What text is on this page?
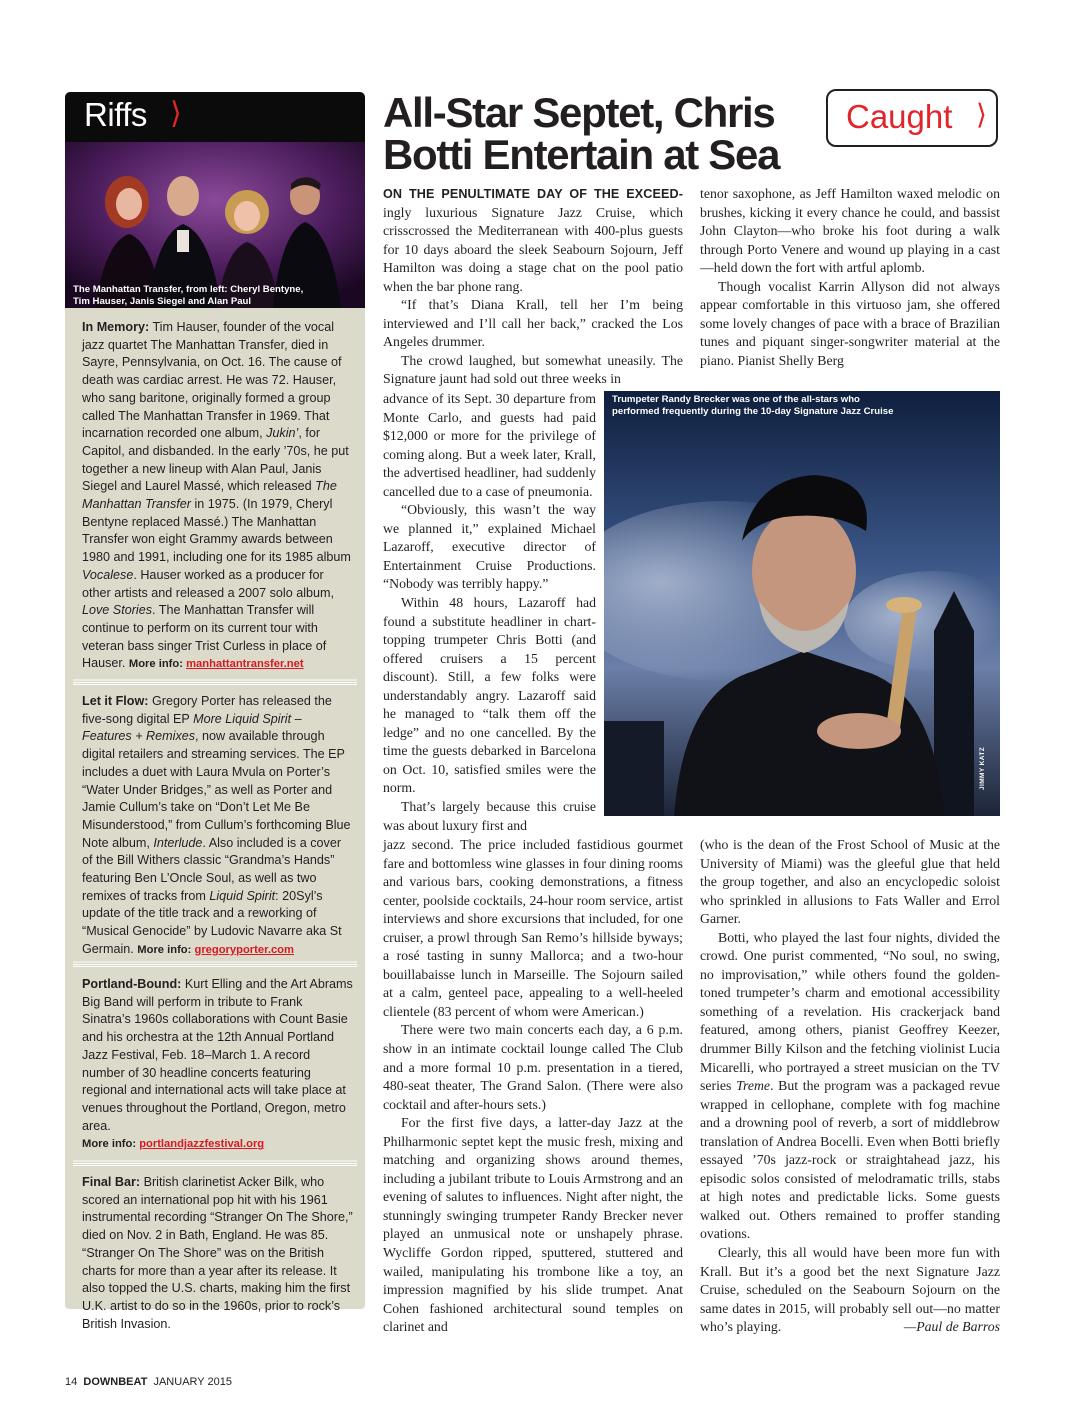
Riffs ⟩
The Manhattan Transfer, from left: Cheryl Bentyne,
Tim Hauser, Janis Siegel and Alan Paul
In Memory: Tim Hauser, founder of the vocal jazz quartet The Manhattan Transfer, died in Sayre, Pennsylvania, on Oct. 16. The cause of death was cardiac arrest. He was 72. Hauser, who sang baritone, originally formed a group called The Manhattan Transfer in 1969. That incarnation recorded one album, Jukin’, for Capitol, and disbanded. In the early ’70s, he put together a new lineup with Alan Paul, Janis Siegel and Laurel Massé, which released The Manhattan Transfer in 1975. (In 1979, Cheryl Bentyne replaced Massé.) The Manhattan Transfer won eight Grammy awards between 1980 and 1991, including one for its 1985 album Vocalese. Hauser worked as a producer for other artists and released a 2007 solo album, Love Stories. The Manhattan Transfer will continue to perform on its current tour with veteran bass singer Trist Curless in place of Hauser. More info: manhattantransfer.net
Let it Flow: Gregory Porter has released the five-song digital EP More Liquid Spirit – Features + Remixes, now available through digital retailers and streaming services. The EP includes a duet with Laura Mvula on Porter’s “Water Under Bridges,” as well as Porter and Jamie Cullum’s take on “Don’t Let Me Be Misunderstood,” from Cullum’s forthcoming Blue Note album, Interlude. Also included is a cover of the Bill Withers classic “Grandma’s Hands” featuring Ben L’Oncle Soul, as well as two remixes of tracks from Liquid Spirit: 20Syl’s update of the title track and a reworking of “Musical Genocide” by Ludovic Navarre aka St Germain. More info: gregoryporter.com
Portland-Bound: Kurt Elling and the Art Abrams Big Band will perform in tribute to Frank Sinatra’s 1960s collaborations with Count Basie and his orchestra at the 12th Annual Portland Jazz Festival, Feb. 18–March 1. A record number of 30 headline concerts featuring regional and international acts will take place at venues throughout the Portland, Oregon, metro area.
More info: portlandjazzfestival.org
Final Bar: British clarinetist Acker Bilk, who scored an international pop hit with his 1961 instrumental recording “Stranger On The Shore,” died on Nov. 2 in Bath, England. He was 85. “Stranger On The Shore” was on the British charts for more than a year after its release. It also topped the U.S. charts, making him the first U.K. artist to do so in the 1960s, prior to rock’s British Invasion.
All-Star Septet, Chris
Botti Entertain at Sea
Caught ⟩

ON THE PENULTIMATE DAY OF THE EXCEED-ingly luxurious Signature Jazz Cruise, which crisscrossed the Mediterranean with 400-plus guests for 10 days aboard the sleek Seabourn Sojourn, Jeff Hamilton was doing a stage chat on the pool patio when the bar phone rang.

“If that’s Diana Krall, tell her I’m being interviewed and I’ll call her back,” cracked the Los Angeles drummer.

The crowd laughed, but somewhat uneasily. The Signature jaunt had sold out three weeks in

advance of its Sept. 30 departure from Monte Carlo, and guests had paid $12,000 or more for the privilege of coming along. But a week later, Krall, the advertised headliner, had suddenly cancelled due to a case of pneumonia.

“Obviously, this wasn’t the way we planned it,” explained Michael Lazaroff, executive director of Entertainment Cruise Productions. “Nobody was terribly happy.”

Within 48 hours, Lazaroff had found a substitute headliner in chart-topping trumpeter Chris Botti (and offered cruisers a 15 percent discount). Still, a few folks were understandably angry. Lazaroff said he managed to “talk them off the ledge” and no one cancelled. By the time the guests debarked in Barcelona on Oct. 10, satisfied smiles were the norm.

That’s largely because this cruise was about luxury first and

jazz second. The price included fastidious gourmet fare and bottomless wine glasses in four dining rooms and various bars, cooking demonstrations, a fitness center, poolside cocktails, 24-hour room service, artist interviews and shore excursions that included, for one cruiser, a prowl through San Remo’s hillside byways; a rosé tasting in sunny Mallorca; and a two-hour bouillabaisse lunch in Marseille. The Sojourn sailed at a calm, genteel pace, appealing to a well-heeled clientele (83 percent of whom were American.)

There were two main concerts each day, a 6 p.m. show in an intimate cocktail lounge called The Club and a more formal 10 p.m. presentation in a tiered, 480-seat theater, The Grand Salon. (There were also cocktail and after-hours sets.)

For the first five days, a latter-day Jazz at the Philharmonic septet kept the music fresh, mixing and matching and organizing shows around themes, including a jubilant tribute to Louis Armstrong and an evening of salutes to influences. Night after night, the stunningly swinging trumpeter Randy Brecker never played an unmusical note or unshapely phrase. Wycliffe Gordon ripped, sputtered, stuttered and wailed, manipulating his trombone like a toy, an impression magnified by his slide trumpet. Anat Cohen fashioned architectural sound temples on clarinet and

tenor saxophone, as Jeff Hamilton waxed melodic on brushes, kicking it every chance he could, and bassist John Clayton—who broke his foot during a walk through Porto Venere and wound up playing in a cast—held down the fort with artful aplomb.

Though vocalist Karrin Allyson did not always appear comfortable in this virtuoso jam, she offered some lovely changes of pace with a brace of Brazilian tunes and piquant singer-songwriter material at the piano. Pianist Shelly Berg

Trumpeter Randy Brecker was one of the all-stars who
performed frequently during the 10-day Signature Jazz Cruise
JIMMY KATZ

(who is the dean of the Frost School of Music at the University of Miami) was the gleeful glue that held the group together, and also an encyclopedic soloist who sprinkled in allusions to Fats Waller and Errol Garner.

Botti, who played the last four nights, divided the crowd. One purist commented, “No soul, no swing, no improvisation,” while others found the golden-toned trumpeter’s charm and emotional accessibility something of a revelation. His crackerjack band featured, among others, pianist Geoffrey Keezer, drummer Billy Kilson and the fetching violinist Lucia Micarelli, who portrayed a street musician on the TV series Treme. But the program was a packaged revue wrapped in cellophane, complete with fog machine and a drowning pool of reverb, a sort of middlebrow translation of Andrea Bocelli. Even when Botti briefly essayed ’70s jazz-rock or straightahead jazz, his episodic solos consisted of melodramatic trills, stabs at high notes and predictable licks. Some guests walked out. Others remained to proffer standing ovations.

Clearly, this all would have been more fun with Krall. But it’s a good bet the next Signature Jazz Cruise, scheduled on the Seabourn Sojourn on the same dates in 2015, will probably sell out—no matter who’s playing.	—Paul de Barros

14 DOWNBEAT JANUARY 2015
